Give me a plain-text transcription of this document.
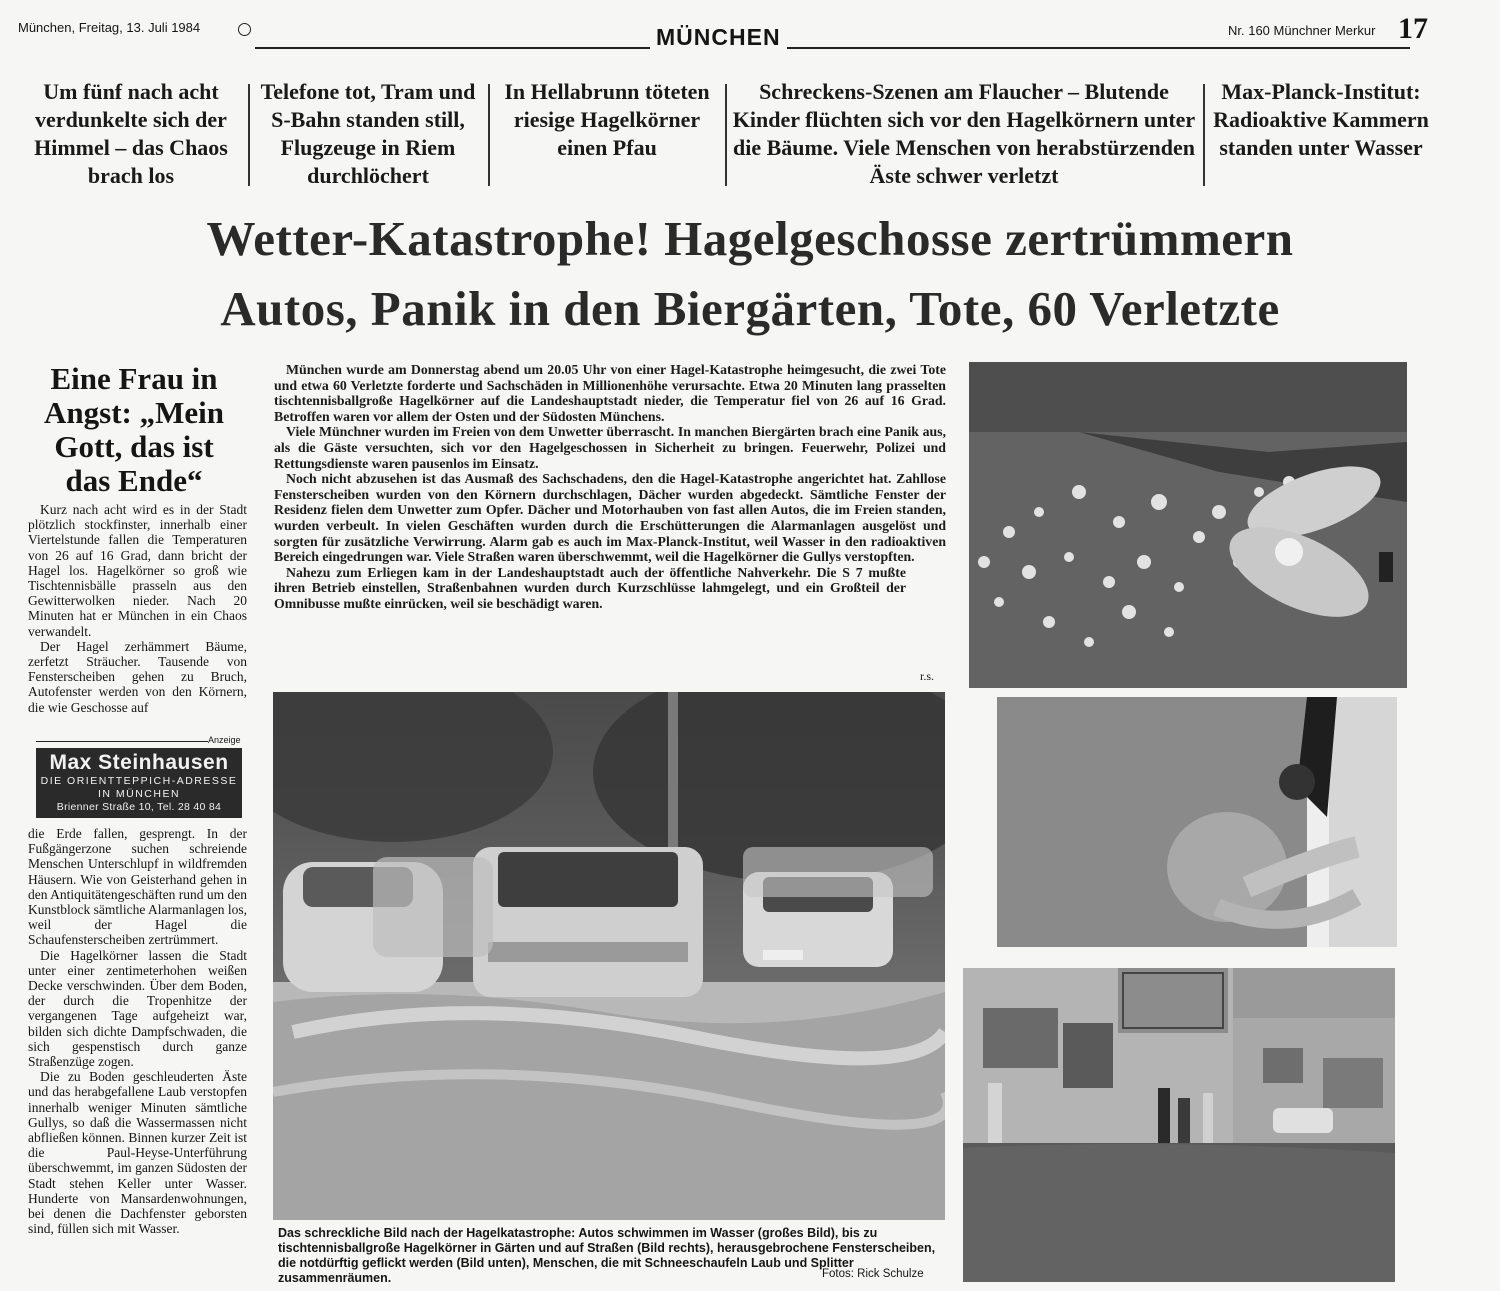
München, Freitag, 13. Juli 1984	MÜNCHEN	Nr. 160 Münchner Merkur 17
Um fünf nach acht verdunkelte sich der Himmel – das Chaos brach los
Telefone tot, Tram und S-Bahn standen still, Flugzeuge in Riem durchlöchert
In Hellabrunn töteten riesige Hagelkörner einen Pfau
Schreckens-Szenen am Flaucher – Blutende Kinder flüchten sich vor den Hagelkörnern unter die Bäume. Viele Menschen von herabstürzenden Äste schwer verletzt
Max-Planck-Institut: Radioaktive Kammern standen unter Wasser
Wetter-Katastrophe! Hagelgeschosse zertrümmern
Autos, Panik in den Biergärten, Tote, 60 Verletzte
Eine Frau in
Angst: „Mein
Gott, das ist
das Ende“

Kurz nach acht wird es in der Stadt plötzlich stockfinster, innerhalb einer Viertelstunde fallen die Temperaturen von 26 auf 16 Grad, dann bricht der Hagel los. Hagelkörner so groß wie Tischtennisbälle prasseln aus den Gewitterwolken nieder. Nach 20 Minuten hat er München in ein Chaos verwandelt.

Der Hagel zerhämmert Bäume, zerfetzt Sträucher. Tausende von Fensterscheiben gehen zu Bruch, Autofenster werden von den Körnern, die wie Geschosse auf

Anzeige
Max Steinhausen
DIE ORIENTTEPPICH-ADRESSE
IN MÜNCHEN
Brienner Straße 10, Tel. 28 40 84

die Erde fallen, gesprengt. In der Fußgängerzone suchen schreiende Menschen Unterschlupf in wildfremden Häusern. Wie von Geisterhand gehen in den Antiquitätengeschäften rund um den Kunstblock sämtliche Alarmanlagen los, weil der Hagel die Schaufensterscheiben zertrümmert.

Die Hagelkörner lassen die Stadt unter einer zentimeterhohen weißen Decke verschwinden. Über dem Boden, der durch die Tropenhitze der vergangenen Tage aufgeheizt war, bilden sich dichte Dampfschwaden, die sich gespenstisch durch ganze Straßenzüge zogen.

Die zu Boden geschleuderten Äste und das herabgefallene Laub verstopfen innerhalb weniger Minuten sämtliche Gullys, so daß die Wassermassen nicht abfließen können. Binnen kurzer Zeit ist die Paul-Heyse-Unterführung überschwemmt, im ganzen Südosten der Stadt stehen Keller unter Wasser. Hunderte von Mansardenwohnungen, bei denen die Dachfenster geborsten sind, füllen sich mit Wasser.

München wurde am Donnerstag abend um 20.05 Uhr von einer Hagel-Katastrophe heimgesucht, die zwei Tote und etwa 60 Verletzte forderte und Sachschäden in Millionenhöhe verursachte. Etwa 20 Minuten lang prasselten tischtennisballgroße Hagelkörner auf die Landeshauptstadt nieder, die Temperatur fiel von 26 auf 16 Grad. Betroffen waren vor allem der Osten und der Südosten Münchens.

Viele Münchner wurden im Freien von dem Unwetter überrascht. In manchen Biergärten brach eine Panik aus, als die Gäste versuchten, sich vor den Hagelgeschossen in Sicherheit zu bringen. Feuerwehr, Polizei und Rettungsdienste waren pausenlos im Einsatz.

Noch nicht abzusehen ist das Ausmaß des Sachschadens, den die Hagel-Katastrophe angerichtet hat. Zahllose Fensterscheiben wurden von den Körnern durchschlagen, Dächer wurden abgedeckt. Sämtliche Fenster der Residenz fielen dem Unwetter zum Opfer. Dächer und Motorhauben von fast allen Autos, die im Freien standen, wurden verbeult. In vielen Geschäften wurden durch die Erschütterungen die Alarmanlagen ausgelöst und sorgten für zusätzliche Verwirrung. Alarm gab es auch im Max-Planck-Institut, weil Wasser in den radioaktiven Bereich eingedrungen war. Viele Straßen waren überschwemmt, weil die Hagelkörner die Gullys verstopften.

Nahezu zum Erliegen kam in der Landeshauptstadt auch der öffentliche Nahverkehr. Die S 7 mußte ihren Betrieb einstellen, Straßenbahnen wurden durch Kurzschlüsse lahmgelegt, und ein Großteil der Omnibusse mußte einrücken, weil sie beschädigt waren.

r.s.
Das schreckliche Bild nach der Hagelkatastrophe: Autos schwimmen im Wasser (großes Bild), bis zu tischtennisballgroße Hagelkörner in Gärten und auf Straßen (Bild rechts), herausgebrochene Fensterscheiben, die notdürftig geflickt werden (Bild unten), Menschen, die mit Schneeschaufeln Laub und Splitter zusammenräumen.	Fotos: Rick Schulze
